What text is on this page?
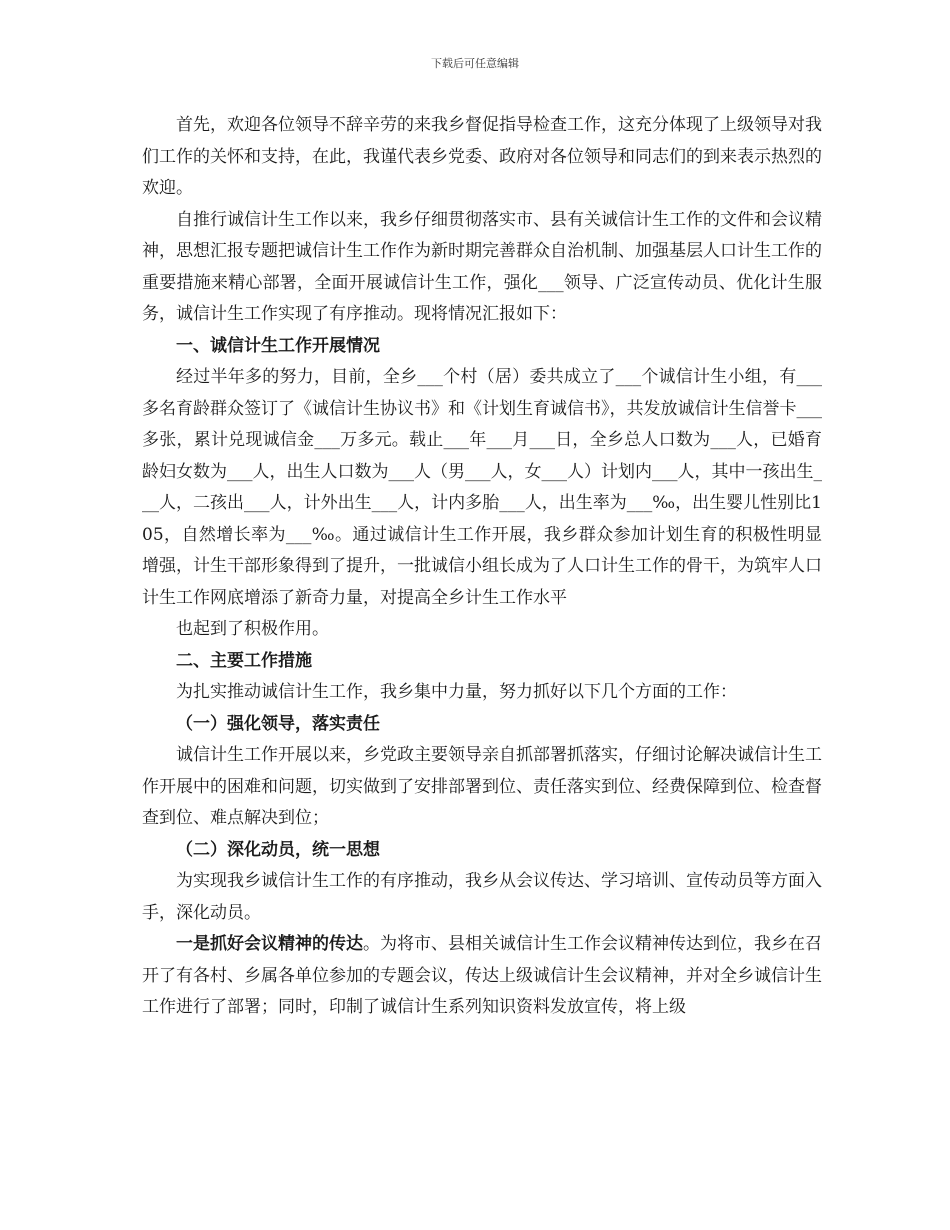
下载后可任意编辑

首先，欢迎各位领导不辞辛劳的来我乡督促指导检查工作，这充分体现了上级领导对我们工作的关怀和支持，在此，我谨代表乡党委、政府对各位领导和同志们的到来表示热烈的欢迎。

自推行诚信计生工作以来，我乡仔细贯彻落实市、县有关诚信计生工作的文件和会议精神，思想汇报专题把诚信计生工作作为新时期完善群众自治机制、加强基层人口计生工作的重要措施来精心部署，全面开展诚信计生工作，强化___领导、广泛宣传动员、优化计生服务，诚信计生工作实现了有序推动。现将情况汇报如下：

一、诚信计生工作开展情况

经过半年多的努力，目前，全乡___个村（居）委共成立了___个诚信计生小组，有___多名育龄群众签订了《诚信计生协议书》和《计划生育诚信书》，共发放诚信计生信誉卡___多张，累计兑现诚信金___万多元。载止___年___月___日，全乡总人口数为___人，已婚育龄妇女数为___人，出生人口数为___人（男___人，女___人）计划内___人，其中一孩出生___人，二孩出___人，计外出生___人，计内多胎___人，出生率为___‰，出生婴儿性别比105，自然增长率为___‰。通过诚信计生工作开展，我乡群众参加计划生育的积极性明显增强，计生干部形象得到了提升，一批诚信小组长成为了人口计生工作的骨干，为筑牢人口计生工作网底增添了新奇力量，对提高全乡计生工作水平

也起到了积极作用。

二、主要工作措施

为扎实推动诚信计生工作，我乡集中力量，努力抓好以下几个方面的工作：

（一）强化领导，落实责任

诚信计生工作开展以来，乡党政主要领导亲自抓部署抓落实，仔细讨论解决诚信计生工作开展中的困难和问题，切实做到了安排部署到位、责任落实到位、经费保障到位、检查督查到位、难点解决到位；

（二）深化动员，统一思想

为实现我乡诚信计生工作的有序推动，我乡从会议传达、学习培训、宣传动员等方面入手，深化动员。

一是抓好会议精神的传达。为将市、县相关诚信计生工作会议精神传达到位，我乡在召开了有各村、乡属各单位参加的专题会议，传达上级诚信计生会议精神，并对全乡诚信计生工作进行了部署；同时，印制了诚信计生系列知识资料发放宣传，将上级
